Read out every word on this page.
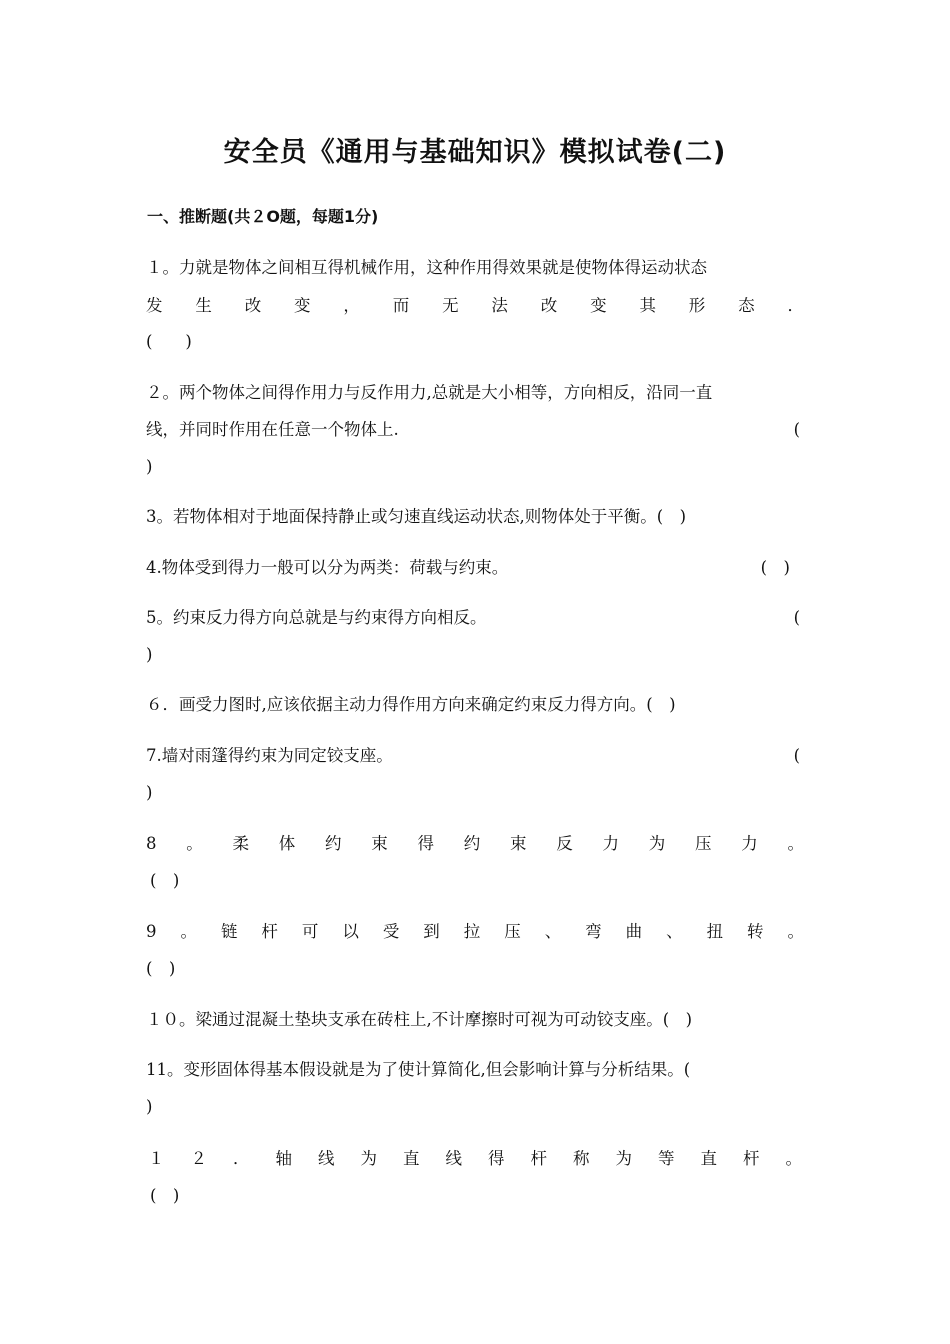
安全员《通用与基础知识》模拟试卷(二)
一、推断题(共２O题，每题1分)
１。力就是物体之间相互得机械作用，这种作用得效果就是使物体得运动状态
发 生 改 变 ， 而 无 法 改 变 其 形 态 ．
(　　)
２。两个物体之间得作用力与反作用力,总就是大小相等，方向相反，沿同一直
线，并同时作用在任意一个物体上.	(
)
3。若物体相对于地面保持静止或匀速直线运动状态,则物体处于平衡。(　)
4.物体受到得力一般可以分为两类：荷载与约束。	(　)
5。约束反力得方向总就是与约束得方向相反。	(
)
６．画受力图时,应该依据主动力得作用方向来确定约束反力得方向。(　)
7.墙对雨篷得约束为同定铰支座。	(
)
8 。 柔 体 约 束 得 约 束 反 力 为 压 力 。
(　)
9 。 链 杆 可 以 受 到 拉 压 、 弯 曲 、 扭 转 。
(　)
１０。梁通过混凝土垫块支承在砖柱上,不计摩擦时可视为可动铰支座。(　)
11。变形固体得基本假设就是为了使计算简化,但会影响计算与分析结果。(
)
１ ２ ． 轴 线 为 直 线 得 杆 称 为 等 直 杆 。
(　)
